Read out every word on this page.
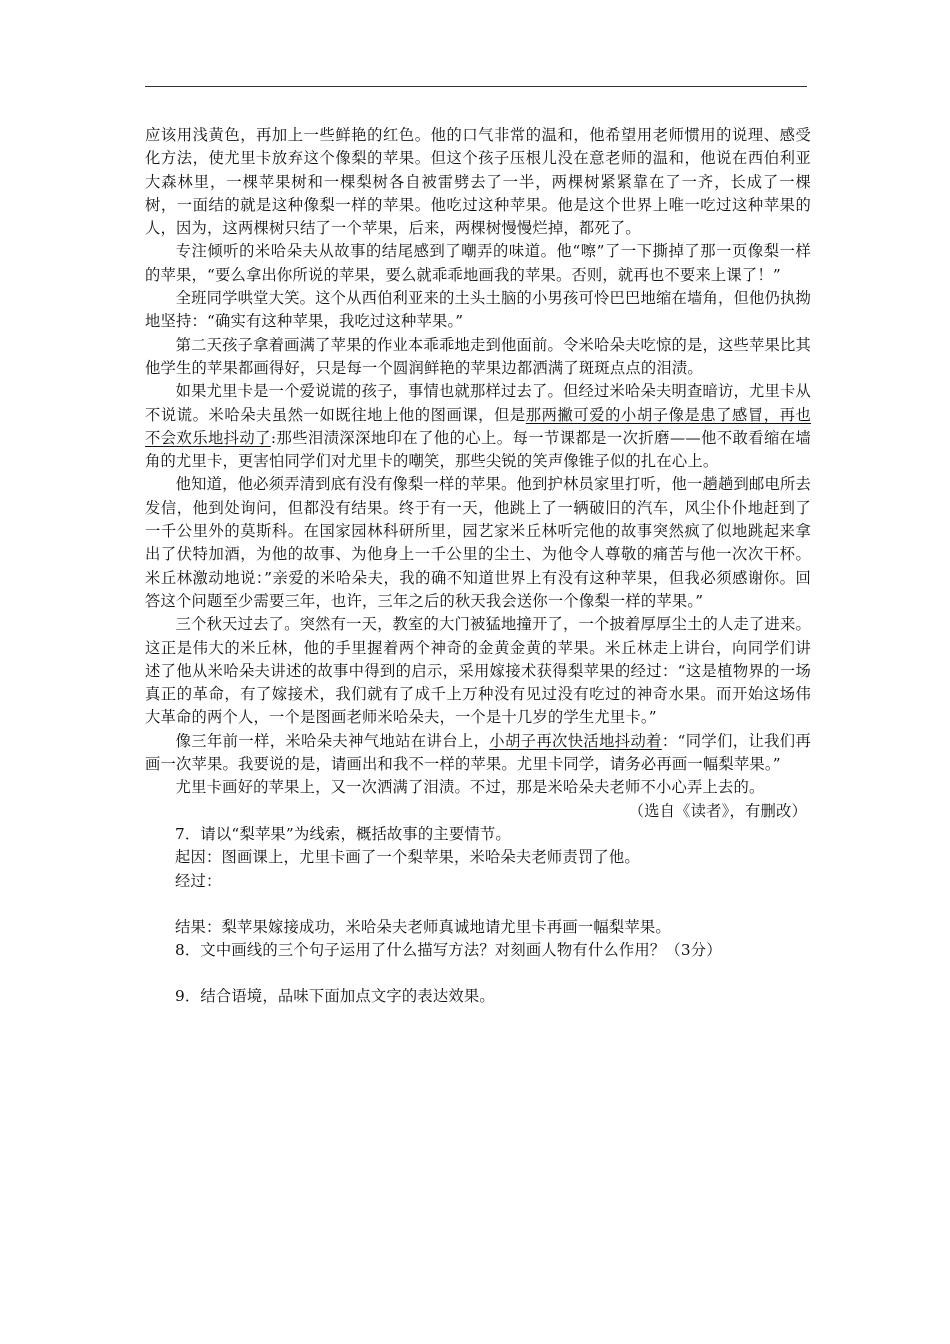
应该用浅黄色，再加上一些鲜艳的红色。他的口气非常的温和，他希望用老师惯用的说理、感受化方法，使尤里卡放弃这个像梨的苹果。但这个孩子压根儿没在意老师的温和，他说在西伯利亚大森林里，一棵苹果树和一棵梨树各自被雷劈去了一半，两棵树紧紧靠在了一齐，长成了一棵树，一面结的就是这种像梨一样的苹果。他吃过这种苹果。他是这个世界上唯一吃过这种苹果的人，因为，这两棵树只结了一个苹果，后来，两棵树慢慢烂掉，都死了。

专注倾听的米哈朵夫从故事的结尾感到了嘲弄的味道。他“嚓”了一下撕掉了那一页像梨一样的苹果，“要么拿出你所说的苹果，要么就乖乖地画我的苹果。否则，就再也不要来上课了！”

全班同学哄堂大笑。这个从西伯利亚来的土头土脑的小男孩可怜巴巴地缩在墙角，但他仍执拗地坚持：“确实有这种苹果，我吃过这种苹果。”

第二天孩子拿着画满了苹果的作业本乖乖地走到他面前。令米哈朵夫吃惊的是，这些苹果比其他学生的苹果都画得好，只是每一个圆润鲜艳的苹果边都洒满了斑斑点点的泪渍。

如果尤里卡是一个爱说谎的孩子，事情也就那样过去了。但经过米哈朵夫明查暗访，尤里卡从不说谎。米哈朵夫虽然一如既往地上他的图画课，但是那两撇可爱的小胡子像是患了感冒，再也不会欢乐地抖动了:那些泪渍深深地印在了他的心上。每一节课都是一次折磨——他不敢看缩在墙角的尤里卡，更害怕同学们对尤里卡的嘲笑，那些尖锐的笑声像锥子似的扎在心上。

他知道，他必须弄清到底有没有像梨一样的苹果。他到护林员家里打听，他一趟趟到邮电所去发信，他到处询问，但都没有结果。终于有一天，他跳上了一辆破旧的汽车，风尘仆仆地赶到了一千公里外的莫斯科。在国家园林科研所里，园艺家米丘林听完他的故事突然疯了似地跳起来拿出了伏特加酒，为他的故事、为他身上一千公里的尘土、为他令人尊敬的痛苦与他一次次干杯。米丘林激动地说：”亲爱的米哈朵夫，我的确不知道世界上有没有这种苹果，但我必须感谢你。回答这个问题至少需要三年，也许，三年之后的秋天我会送你一个像梨一样的苹果。”

三个秋天过去了。突然有一天，教室的大门被猛地撞开了，一个披着厚厚尘土的人走了进来。这正是伟大的米丘林，他的手里握着两个神奇的金黄金黄的苹果。米丘林走上讲台，向同学们讲述了他从米哈朵夫讲述的故事中得到的启示，采用嫁接术获得梨苹果的经过：“这是植物界的一场真正的革命，有了嫁接术，我们就有了成千上万种没有见过没有吃过的神奇水果。而开始这场伟大革命的两个人，一个是图画老师米哈朵夫，一个是十几岁的学生尤里卡。”

像三年前一样，米哈朵夫神气地站在讲台上，小胡子再次快活地抖动着：“同学们，让我们再画一次苹果。我要说的是，请画出和我不一样的苹果。尤里卡同学，请务必再画一幅梨苹果。”

尤里卡画好的苹果上，又一次洒满了泪渍。不过，那是米哈朵夫老师不小心弄上去的。

（选自《读者》，有删改）

7．请以“梨苹果”为线索，概括故事的主要情节。

起因：图画课上，尤里卡画了一个梨苹果，米哈朵夫老师责罚了他。

经过：

结果：梨苹果嫁接成功，米哈朵夫老师真诚地请尤里卡再画一幅梨苹果。

8．文中画线的三个句子运用了什么描写方法？对刻画人物有什么作用？（3分）

9．结合语境，品味下面加点文字的表达效果。
